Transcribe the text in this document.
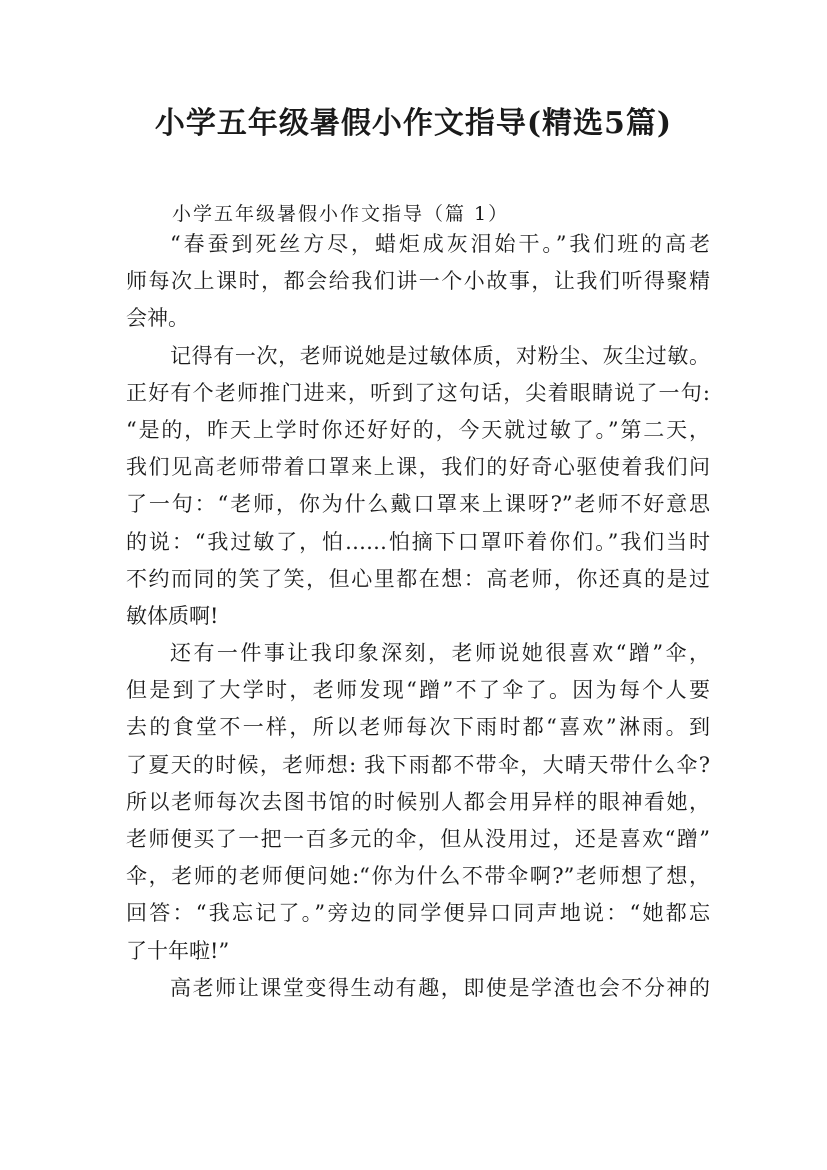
小学五年级暑假小作文指导(精选5篇)
小学五年级暑假小作文指导（篇 1）
“春蚕到死丝方尽，蜡炬成灰泪始干。”我们班的高老
师每次上课时，都会给我们讲一个小故事，让我们听得聚精
会神。
记得有一次，老师说她是过敏体质，对粉尘、灰尘过敏。
正好有个老师推门进来，听到了这句话，尖着眼睛说了一句:
“是的，昨天上学时你还好好的，今天就过敏了。”第二天，
我们见高老师带着口罩来上课，我们的好奇心驱使着我们问
了一句：“老师，你为什么戴口罩来上课呀?”老师不好意思
的说：“我过敏了，怕……怕摘下口罩吓着你们。”我们当时
不约而同的笑了笑，但心里都在想：高老师，你还真的是过
敏体质啊!
还有一件事让我印象深刻，老师说她很喜欢“蹭”伞，
但是到了大学时，老师发现“蹭”不了伞了。因为每个人要
去的食堂不一样，所以老师每次下雨时都“喜欢”淋雨。到
了夏天的时候，老师想: 我下雨都不带伞，大晴天带什么伞?
所以老师每次去图书馆的时候别人都会用异样的眼神看她，
老师便买了一把一百多元的伞，但从没用过，还是喜欢“蹭”
伞，老师的老师便问她:“你为什么不带伞啊?”老师想了想，
回答：“我忘记了。”旁边的同学便异口同声地说：“她都忘
了十年啦!”
高老师让课堂变得生动有趣，即使是学渣也会不分神的
